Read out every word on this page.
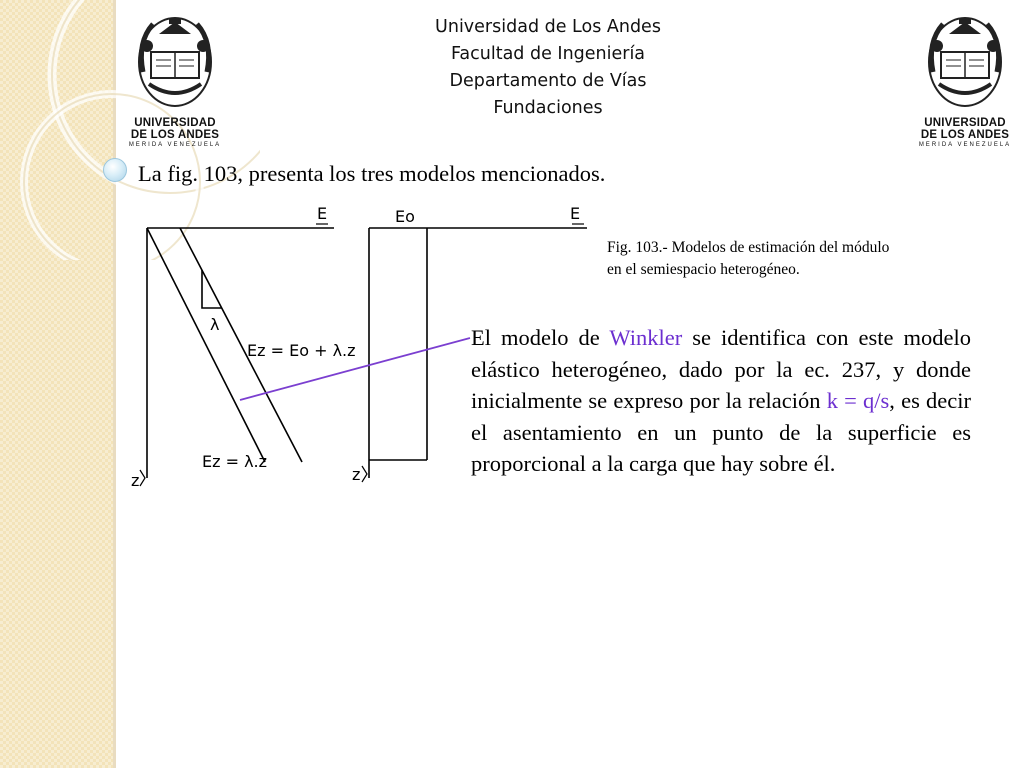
UNIVERSIDAD
DE LOS ANDES
MERIDA VENEZUELA
UNIVERSIDAD
DE LOS ANDES
MERIDA VENEZUELA
Universidad de Los Andes
Facultad de Ingeniería
Departamento de Vías
Fundaciones
La fig. 103, presenta los tres modelos mencionados.
E	Eo	E
λ
Ez = Eo + λ.z
Ez = λ.z
z	z
Fig. 103.- Modelos de estimación del módulo
en el semiespacio heterogéneo.
El modelo de Winkler se identifica con este modelo elástico heterogéneo, dado por la ec. 237, y donde inicialmente se expreso por la relación k = q/s, es decir el asentamiento en un punto de la superficie es proporcional a la carga que hay sobre él.
